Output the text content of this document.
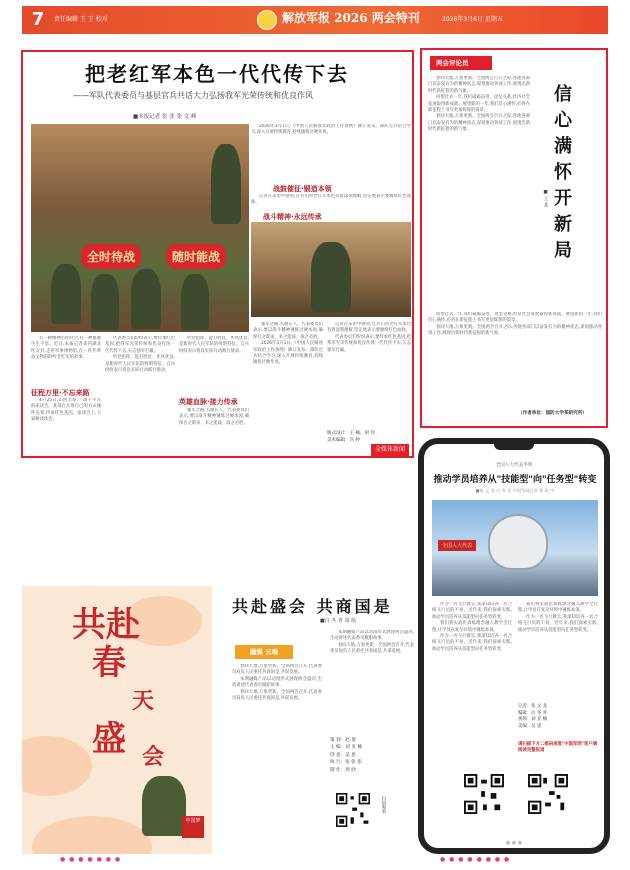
7	责任编辑 王 王 校对	解放军报 2026 两会特刊	2026年3月6日 星期五
把老红军本色一代代传下去
——军队代表委员与基层官兵共话大力弘扬我军光荣传统和优良作风
■本报记者 张 张 张 文 峰
全时待战	随时能战

2026年3月1日,《中国人民解放军政治工作条例》修订发布。部队官兵结合学习,深入开展传统教育,持续锤炼过硬作风。

战鼓催征·锻造本领

记者在采访中感到,官兵们对老红军本色有着深刻理解,坚定地表示要赓续红色血脉。

有一种精神历经时空,有一种血脉生生不息。近日,本报记者来到湖北红安县,走进军事博物馆,在一件件革命文物前聆听老红军的故事。

征程万里·不忘来路

4月25日,山西太原,一场不平凡的座谈会。某部官兵用自己的方式缅怀先辈,传承红色基因。座谈会上,大家畅谈体会。

代表委员们纷纷表示,要传承红色基因,把我军光荣传统和优良作风一代代传下去,矢志强军打赢。

听党指挥、能打胜仗、作风优良,是新时代人民军队的鲜明特征。官兵纷纷表示将以实际行动践行使命。

听党指挥、能打胜仗、作风优良,是新时代人民军队的鲜明特征。官兵纷纷表示将以实际行动践行使命。

英雄血脉·接力传承

强军之路,关键在人。代表委员们表示,要以战斗精神锤炼过硬本领,确保召之即来、来之能战、战之必胜。

强军之路,关键在人。代表委员们表示,要以战斗精神锤炼过硬本领,确保召之即来、来之能战、战之必胜。

2026年3月1日,《中国人民解放军政治工作条例》修订发布。部队官兵结合学习,深入开展传统教育,持续锤炼过硬作风。

记者在采访中感到,官兵们对老红军本色有着深刻理解,坚定地表示要赓续红色血脉。

代表委员们纷纷表示,要传承红色基因,把我军光荣传统和优良作风一代代传下去,矢志强军打赢。

战斗精神·永远传承
版式设计：王 楠、胡 洋
美术编辑：冯 婷
全媒体新闻
两会评论员

春回大地,万象更新。全国两会召开之际,各地各部门以奋发有为的精神状态,谋划推动各项工作,展现出新时代新征程的新气象。

回望过去一年,我们砥砺奋进、攻坚克难,经济社会发展取得新成就。展望新的一年,我们信心满怀,必将在新征程上书写更加辉煌的篇章。

春回大地,万象更新。全国两会召开之际,各地各部门以奋发有为的精神状态,谋划推动各项工作,展现出新时代新征程的新气象。

信心满怀开新局
■ 王 某

回望过去一年,我们砥砺奋进、攻坚克难,经济社会发展取得新成就。展望新的一年,我们信心满怀,必将在新征程上书写更加辉煌的篇章。

春回大地,万象更新。全国两会召开之际,各地各部门以奋发有为的精神状态,谋划推动各项工作,展现出新时代新征程的新气象。

（作者单位：国防大学某研究所）
共赴
春
天
盛 会
中国梦
共赴盛会 共商国是
■白 冬 青 周 航
融媒 云端

春回大地,万象更新。全国两会召开,代表委员肩负人民重托共商国是,共谋发展。

本期融媒产品以动漫形式展现两会盛况,生动讲述代表委员履职故事。

春回大地,万象更新。全国两会召开,代表委员肩负人民重托共商国是,共谋发展。

本期融媒产品以动漫形式展现两会盛况,生动讲述代表委员履职故事。

春回大地,万象更新。全国两会召开,代表委员肩负人民重托共商国是,共谋发展。

策 划：赵 倩
主 编：刘 亚 楠
创 意：吴 思
执 行：张 张 张
制 作：周 欣
扫码观看
全国人大代表李明
推动学员培养从"技能型"向"任务型"转变
■张 文 龙 白 冬 青 中国军网记者 郑 玥 宇
全国人大代表

作为一名飞行教官,我深知培养一名合格飞行员的不易。近年来,我们探索实践,推动学员培养从技能型向任务型转变。

我们将实战化训练理念融入教学全过程,让学员在复杂环境中锤炼本领。

作为一名飞行教官,我深知培养一名合格飞行员的不易。近年来,我们探索实践,推动学员培养从技能型向任务型转变。

我们将实战化训练理念融入教学全过程,让学员在复杂环境中锤炼本领。

作为一名飞行教官,我深知培养一名合格飞行员的不易。近年来,我们探索实践,推动学员培养从技能型向任务型转变。

记者：张 文 龙
编辑：白 冬 青
视频：刘 亚 楠
美编：吴 思
请扫描下方二维码观看"中国军网"客户端 阅读完整报道
● ● ●
● ● ● ● ● ● ●	● ● ● ● ● ● ● ●
